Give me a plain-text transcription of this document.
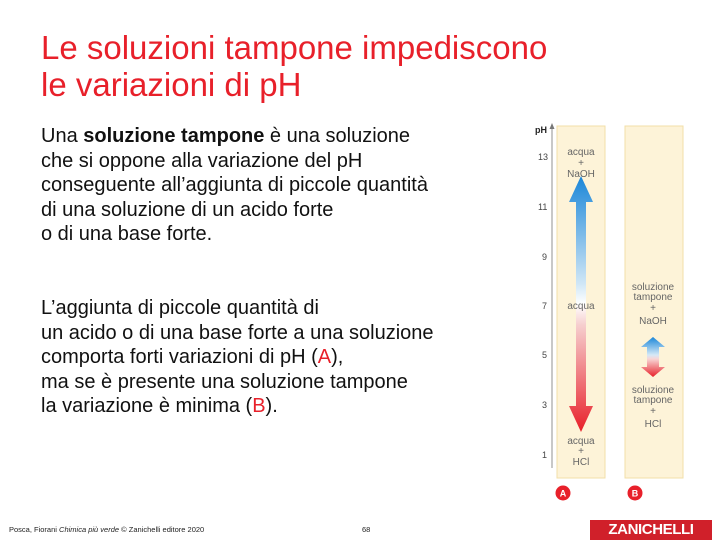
Le soluzioni tampone impediscono
le variazioni di pH
Una soluzione tampone è una soluzione
che si oppone alla variazione del pH
conseguente all’aggiunta di piccole quantità
di una soluzione di un acido forte
o di una base forte.
L’aggiunta di piccole quantità di
un acido o di una base forte a una soluzione
comporta forti variazioni di pH (A),
ma se è presente una soluzione tampone
la variazione è minima (B).
pH
13
11
9
7
5
3
1
acqua
+
NaOH
acqua
acqua
+
HCl
A
soluzione
tampone
+
NaOH
soluzione
tampone
+
HCl
B
Posca, Fiorani Chimica più verde © Zanichelli editore 2020	68	ZANICHELLI
